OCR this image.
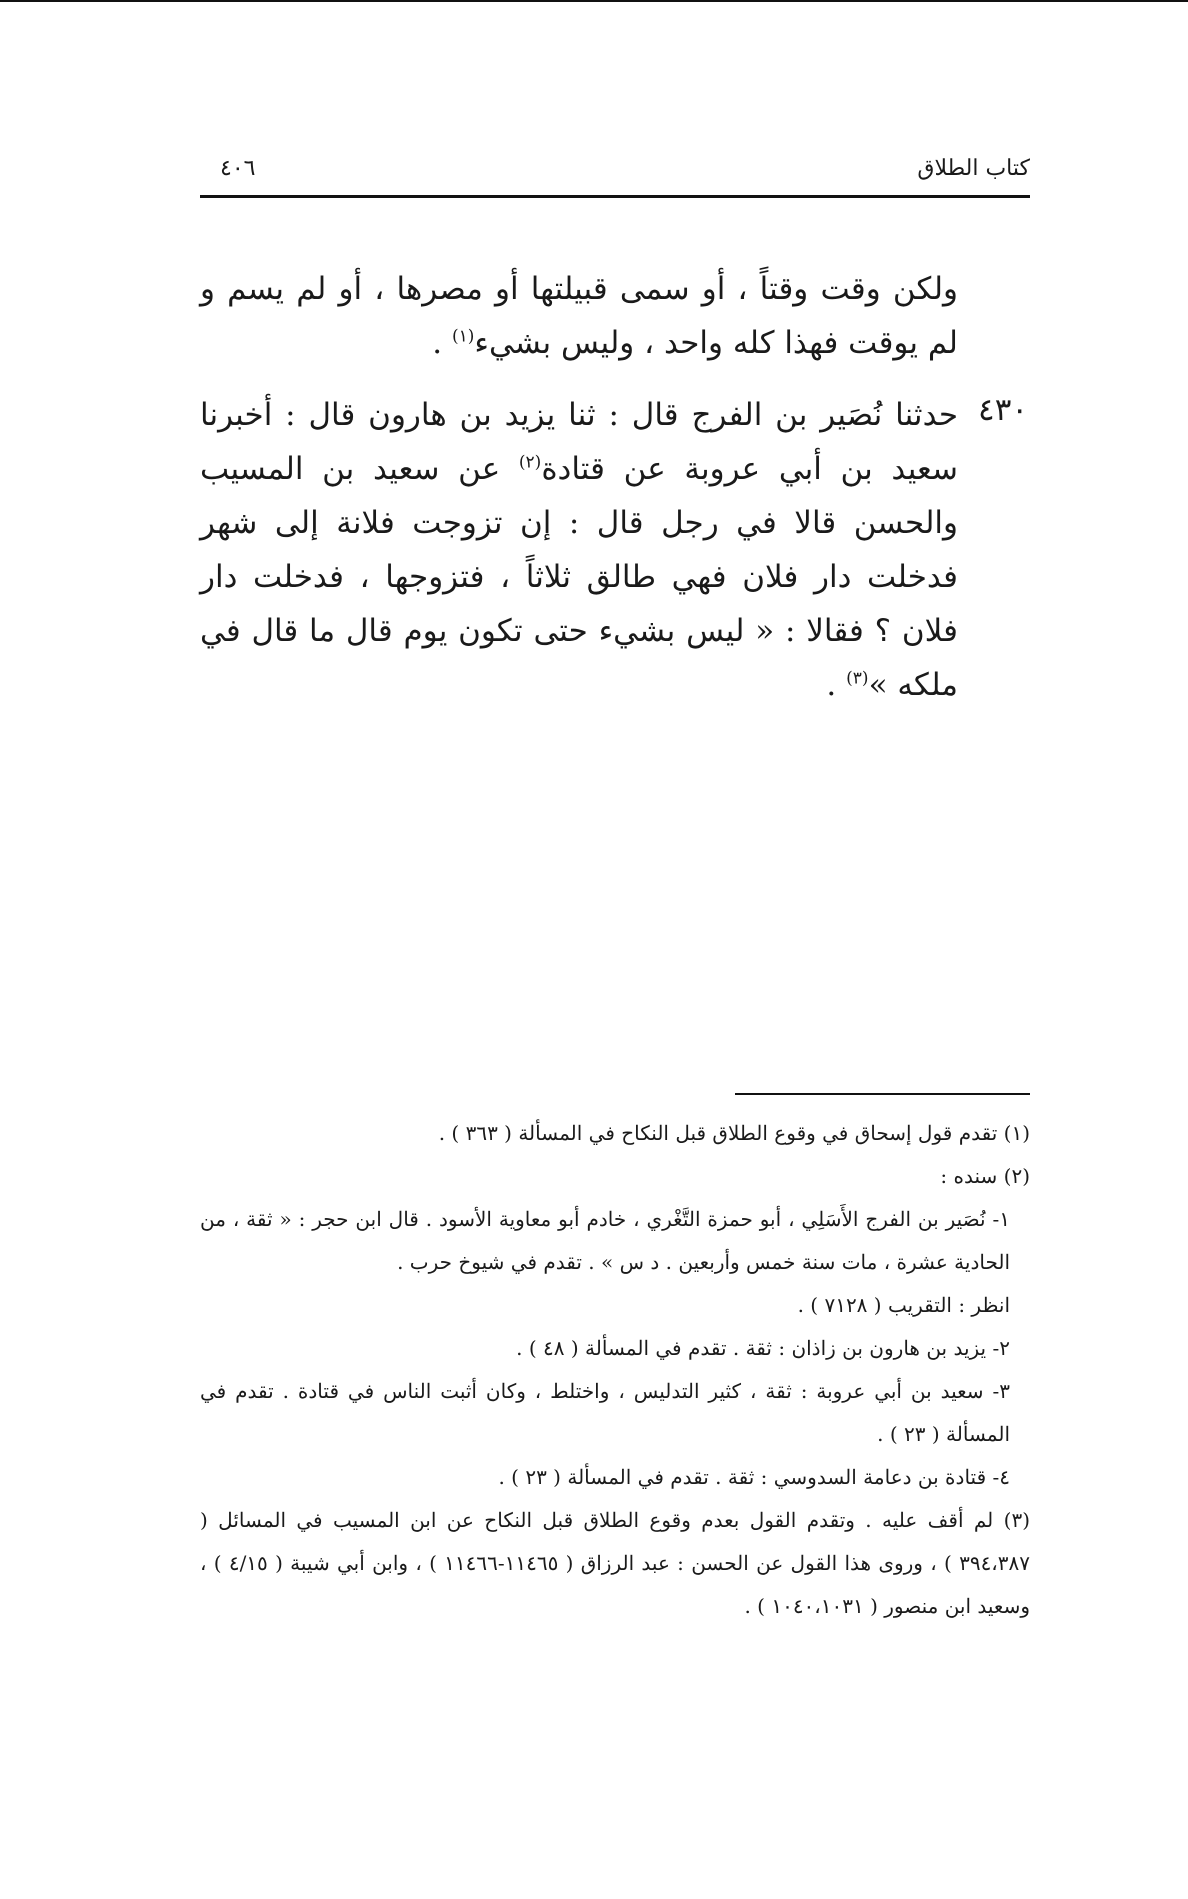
كتاب الطلاق
٤٠٦

ولكن وقت وقتاً ، أو سمى قبيلتها أو مصرها ، أو لم يسم و لم يوقت فهذا كله واحد ، وليس بشيء$^{(١)}$ .

٤٣٠

حدثنا نُصَير بن الفرج قال : ثنا يزيد بن هارون قال : أخبرنا سعيد بن أبي عروبة عن قتادة$^{(٢)}$ عن سعيد بن المسيب والحسن قالا في رجل قال : إن تزوجت فلانة إلى شهر فدخلت دار فلان فهي طالق ثلاثاً ، فتزوجها ، فدخلت دار فلان ؟ فقالا : « ليس بشيء حتى تكون يوم قال ما قال في ملكه »$^{(٣)}$ .

(١) تقدم قول إسحاق في وقوع الطلاق قبل النكاح في المسألة ( ٣٦٣ ) .

(٢) سنده :

١- نُصَير بن الفرج الأَسَلِي ، أبو حمزة التَّغْري ، خادم أبو معاوية الأسود . قال ابن حجر : « ثقة ، من الحادية عشرة ، مات سنة خمس وأربعين . د س » . تقدم في شيوخ حرب .

انظر : التقريب ( ٧١٢٨ ) .

٢- يزيد بن هارون بن زاذان : ثقة . تقدم في المسألة ( ٤٨ ) .

٣- سعيد بن أبي عروبة : ثقة ، كثير التدليس ، واختلط ، وكان أثبت الناس في قتادة . تقدم في المسألة ( ٢٣ ) .

٤- قتادة بن دعامة السدوسي : ثقة . تقدم في المسألة ( ٢٣ ) .

(٣) لم أقف عليه . وتقدم القول بعدم وقوع الطلاق قبل النكاح عن ابن المسيب في المسائل ( ٣٩٤،٣٨٧ ) ، وروى هذا القول عن الحسن : عبد الرزاق ( ١١٤٦٥-١١٤٦٦ ) ، وابن أبي شيبة ( ٤/١٥ ) ، وسعيد ابن منصور ( ١٠٤٠،١٠٣١ ) .
